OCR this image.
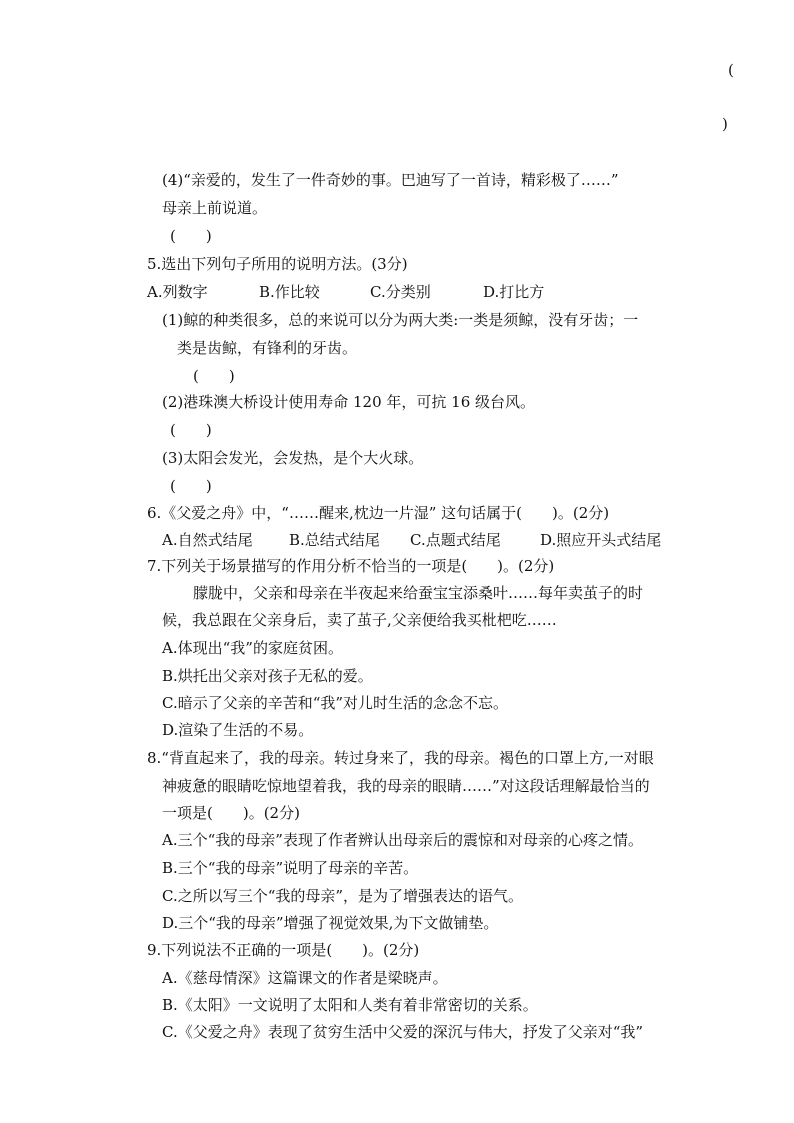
(
)
(4)“亲爱的，发生了一件奇妙的事。巴迪写了一首诗，精彩极了……”
母亲上前说道。
(　　)
5.选出下列句子所用的说明方法。(3分)
A.列数字	B.作比较	C.分类别	D.打比方
(1)鲸的种类很多，总的来说可以分为两大类:一类是须鲸，没有牙齿；一
类是齿鲸，有锋利的牙齿。
(　　)
(2)港珠澳大桥设计使用寿命 120 年，可抗 16 级台风。
(　　)
(3)太阳会发光，会发热，是个大火球。
(　　)
6.《父爱之舟》中，“……醒来,枕边一片湿” 这句话属于(　　)。(2分)
A.自然式结尾 B.总结式结尾 C.点题式结尾	D.照应开头式结尾
7.下列关于场景描写的作用分析不恰当的一项是(　　)。(2分)
朦胧中，父亲和母亲在半夜起来给蚕宝宝添桑叶……每年卖茧子的时
候，我总跟在父亲身后，卖了茧子,父亲便给我买枇杷吃……
A.体现出“我”的家庭贫困。
B.烘托出父亲对孩子无私的爱。
C.暗示了父亲的辛苦和“我”对儿时生活的念念不忘。
D.渲染了生活的不易。
8.“背直起来了，我的母亲。转过身来了，我的母亲。褐色的口罩上方,一对眼
神疲惫的眼睛吃惊地望着我，我的母亲的眼睛……”对这段话理解最恰当的
一项是(　　)。(2分)
A.三个“我的母亲”表现了作者辨认出母亲后的震惊和对母亲的心疼之情。
B.三个“我的母亲”说明了母亲的辛苦。
C.之所以写三个“我的母亲”，是为了增强表达的语气。
D.三个“我的母亲”增强了视觉效果,为下文做铺垫。
9.下列说法不正确的一项是(　　)。(2分)
A.《慈母情深》这篇课文的作者是梁晓声。
B.《太阳》一文说明了太阳和人类有着非常密切的关系。
C.《父爱之舟》表现了贫穷生活中父爱的深沉与伟大，抒发了父亲对“我”
